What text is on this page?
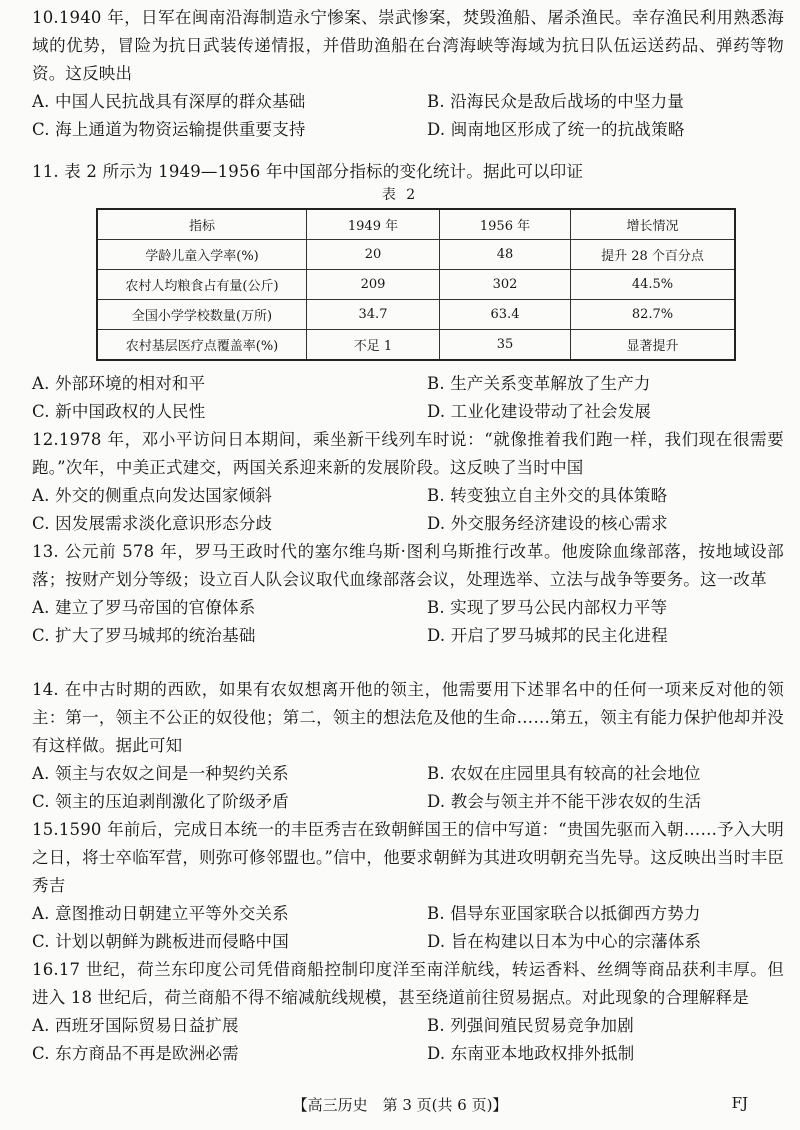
10.1940 年，日军在闽南沿海制造永宁惨案、崇武惨案，焚毁渔船、屠杀渔民。幸存渔民利用熟悉海域的优势，冒险为抗日武装传递情报，并借助渔船在台湾海峡等海域为抗日队伍运送药品、弹药等物资。这反映出

A. 中国人民抗战具有深厚的群众基础	B. 沿海民众是敌后战场的中坚力量
C. 海上通道为物资运输提供重要支持	D. 闽南地区形成了统一的抗战策略

11. 表 2 所示为 1949—1956 年中国部分指标的变化统计。据此可以印证

表 2
指标	1949 年	1956 年	增长情况
学龄儿童入学率(%)	20	48	提升 28 个百分点
农村人均粮食占有量(公斤)	209	302	44.5%
全国小学学校数量(万所)	34.7	63.4	82.7%
农村基层医疗点覆盖率(%)	不足 1	35	显著提升
A. 外部环境的相对和平	B. 生产关系变革解放了生产力
C. 新中国政权的人民性	D. 工业化建设带动了社会发展

12.1978 年，邓小平访问日本期间，乘坐新干线列车时说：“就像推着我们跑一样，我们现在很需要跑。”次年，中美正式建交，两国关系迎来新的发展阶段。这反映了当时中国

A. 外交的侧重点向发达国家倾斜	B. 转变独立自主外交的具体策略
C. 因发展需求淡化意识形态分歧	D. 外交服务经济建设的核心需求

13. 公元前 578 年，罗马王政时代的塞尔维乌斯·图利乌斯推行改革。他废除血缘部落，按地域设部落；按财产划分等级；设立百人队会议取代血缘部落会议，处理选举、立法与战争等要务。这一改革

A. 建立了罗马帝国的官僚体系	B. 实现了罗马公民内部权力平等
C. 扩大了罗马城邦的统治基础	D. 开启了罗马城邦的民主化进程

14. 在中古时期的西欧，如果有农奴想离开他的领主，他需要用下述罪名中的任何一项来反对他的领主：第一，领主不公正的奴役他；第二，领主的想法危及他的生命……第五，领主有能力保护他却并没有这样做。据此可知

A. 领主与农奴之间是一种契约关系	B. 农奴在庄园里具有较高的社会地位
C. 领主的压迫剥削激化了阶级矛盾	D. 教会与领主并不能干涉农奴的生活

15.1590 年前后，完成日本统一的丰臣秀吉在致朝鲜国王的信中写道：“贵国先驱而入朝……予入大明之日，将士卒临军营，则弥可修邻盟也。”信中，他要求朝鲜为其进攻明朝充当先导。这反映出当时丰臣秀吉

A. 意图推动日朝建立平等外交关系	B. 倡导东亚国家联合以抵御西方势力
C. 计划以朝鲜为跳板进而侵略中国	D. 旨在构建以日本为中心的宗藩体系

16.17 世纪，荷兰东印度公司凭借商船控制印度洋至南洋航线，转运香料、丝绸等商品获利丰厚。但进入 18 世纪后，荷兰商船不得不缩减航线规模，甚至绕道前往贸易据点。对此现象的合理解释是

A. 西班牙国际贸易日益扩展	B. 列强间殖民贸易竞争加剧
C. 东方商品不再是欧洲必需	D. 东南亚本地政权排外抵制
【高三历史　第 3 页(共 6 页)】	FJ
